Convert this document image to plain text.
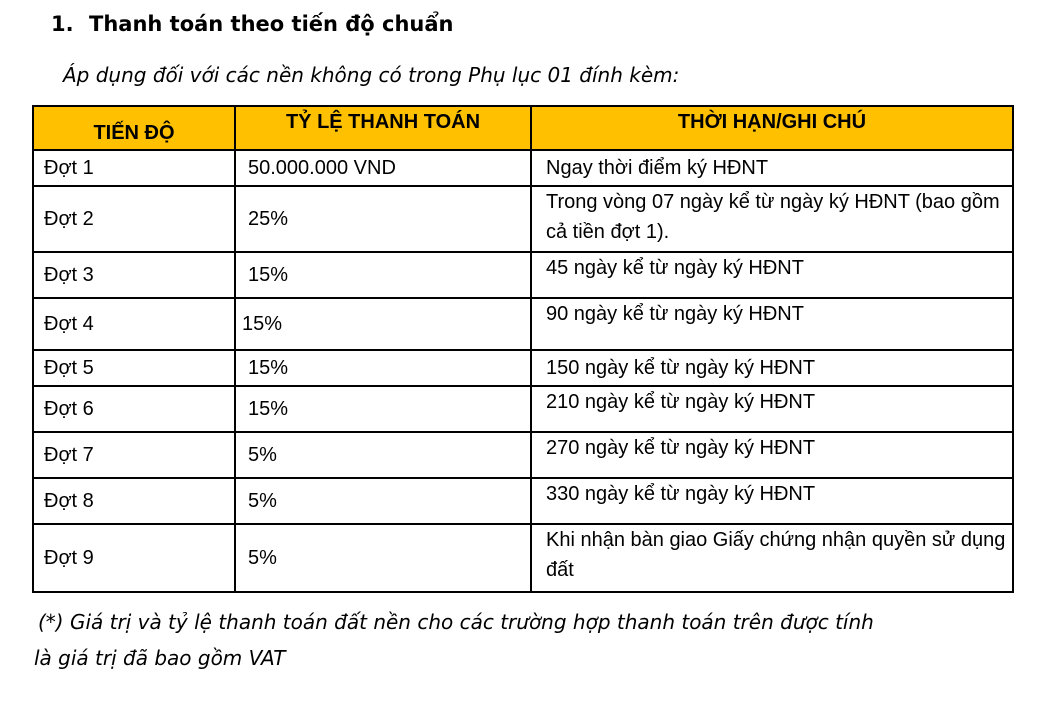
1. Thanh toán theo tiến độ chuẩn
Áp dụng đối với các nền không có trong Phụ lục 01 đính kèm:
TIẾN ĐỘ	TỶ LỆ THANH TOÁN	THỜI HẠN/GHI CHÚ
Đợt 1	50.000.000 VND	Ngay thời điểm ký HĐNT
Đợt 2	25%	Trong vòng 07 ngày kể từ ngày ký HĐNT (bao gồm cả tiền đợt 1).
Đợt 3	15%	45 ngày kể từ ngày ký HĐNT
Đợt 4	15%	90 ngày kể từ ngày ký HĐNT
Đợt 5	15%	150 ngày kể từ ngày ký HĐNT
Đợt 6	15%	210 ngày kể từ ngày ký HĐNT
Đợt 7	5%	270 ngày kể từ ngày ký HĐNT
Đợt 8	5%	330 ngày kể từ ngày ký HĐNT
Đợt 9	5%	Khi nhận bàn giao Giấy chứng nhận quyền sử dụng đất
(*) Giá trị và tỷ lệ thanh toán đất nền cho các trường hợp thanh toán trên được tính
là giá trị đã bao gồm VAT
